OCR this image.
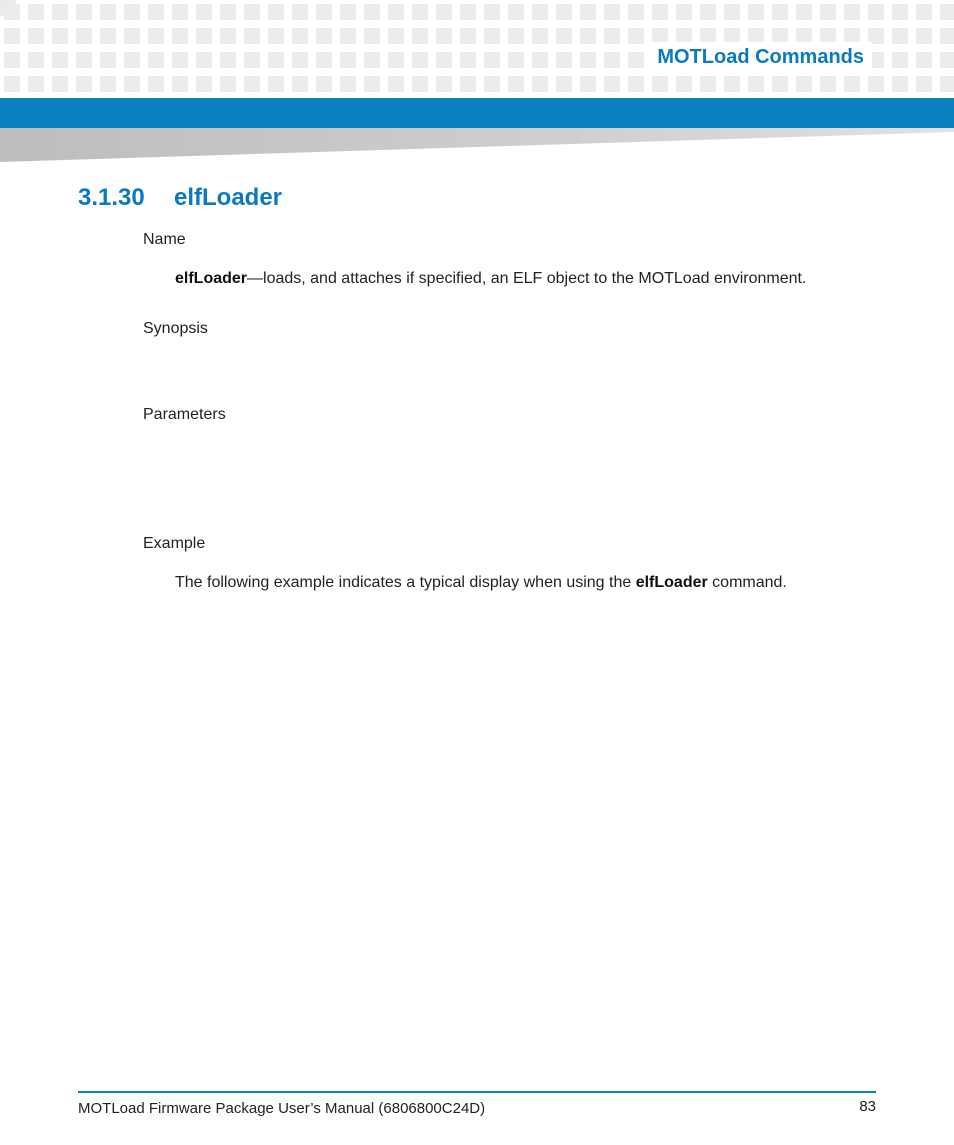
MOTLoad Commands
3.1.30 elfLoader
Name
elfLoader—loads, and attaches if specified, an ELF object to the MOTLoad environment.
Synopsis
Parameters
Example
The following example indicates a typical display when using the elfLoader command.
MOTLoad Firmware Package User’s Manual (6806800C24D)	83
